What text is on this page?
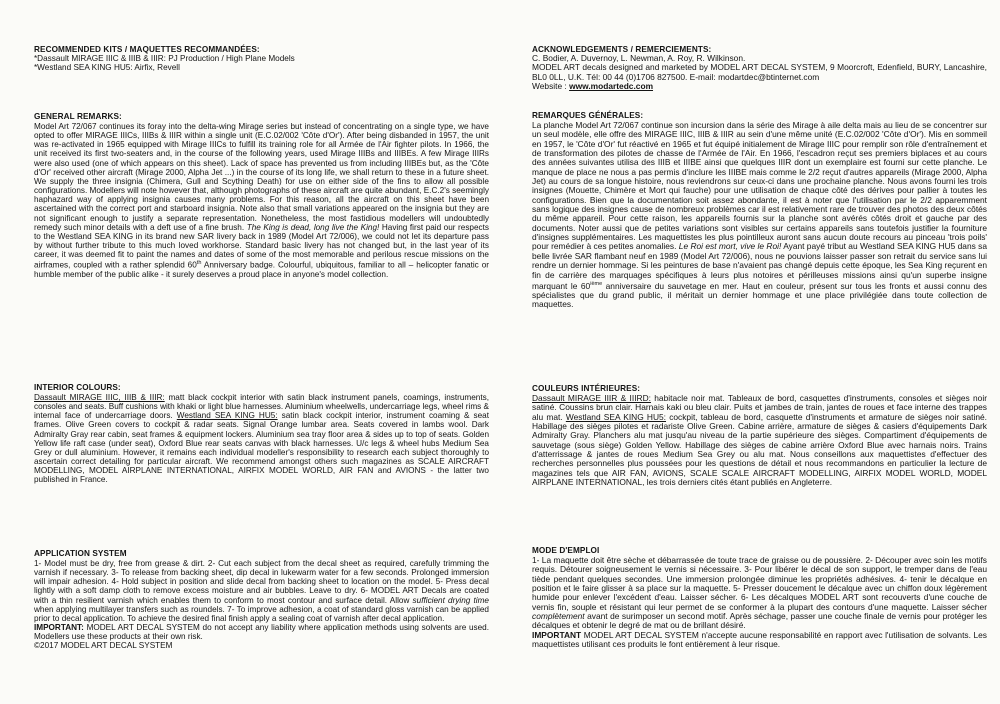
RECOMMENDED KITS / MAQUETTES RECOMMANDÉES:

*Dassault MIRAGE IIIC & IIIB & IIIR: PJ Production / High Plane Models

*Westland SEA KING HU5: Airfix, Revell

GENERAL REMARKS:

Model Art 72/067 continues its foray into the delta-wing Mirage series but instead of concentrating on a single type, we have opted to offer MIRAGE IIICs, IIIBs & IIIR within a single unit (E.C.02/002 'Côte d'Or'). After being disbanded in 1957, the unit was re-activated in 1965 equipped with Mirage IIICs to fulfill its training role for all Armée de l'Air fighter pilots. In 1966, the unit received its first two-seaters and, in the course of the following years, used Mirage IIIBs and IIIBEs. A few Mirage IIIRs were also used (one of which appears on this sheet). Lack of space has prevented us from including IIIBEs but, as the 'Côte d'Or' received other aircraft (Mirage 2000, Alpha Jet ...) in the course of its long life, we shall return to these in a future sheet. We supply the three insignia (Chimera, Gull and Scything Death) for use on either side of the fins to allow all possible configurations. Modellers will note however that, although photographs of these aircraft are quite abundant, E.C.2's seemingly haphazard way of applying insignia causes many problems. For this reason, all the aircraft on this sheet have been ascertained with the correct port and starboard insignia. Note also that small variations appeared on the insignia but they are not significant enough to justify a separate representation. Nonetheless, the most fastidious modellers will undoubtedly remedy such minor details with a deft use of a fine brush. The King is dead, long live the King! Having first paid our respects to the Westland SEA KING in its brand new SAR livery back in 1989 (Model Art 72/006), we could not let its departure pass by without further tribute to this much loved workhorse. Standard basic livery has not changed but, in the last year of its career, it was deemed fit to paint the names and dates of some of the most memorable and perilous rescue missions on the airframes, coupled with a rather splendid 60th Anniversary badge. Colourful, ubiquitous, familiar to all – helicopter fanatic or humble member of the public alike - it surely deserves a proud place in anyone's model collection.

INTERIOR COLOURS:

Dassault MIRAGE IIIC, IIIB & IIIR: matt black cockpit interior with satin black instrument panels, coamings, instruments, consoles and seats. Buff cushions with khaki or light blue harnesses. Aluminium wheelwells, undercarriage legs, wheel rims & internal face of undercarriage doors. Westland SEA KING HU5: satin black cockpit interior, instrument coaming & seat frames. Olive Green covers to cockpit & radar seats. Signal Orange lumbar area. Seats covered in lambs wool. Dark Admiralty Gray rear cabin, seat frames & equipment lockers. Aluminium sea tray floor area & sides up to top of seats. Golden Yellow life raft case (under seat), Oxford Blue rear seats canvas with black harnesses. U/c legs & wheel hubs Medium Sea Grey or dull aluminium. However, it remains each individual modeller's responsibility to research each subject thoroughly to ascertain correct detailing for particular aircraft. We recommend amongst others such magazines as SCALE AIRCRAFT MODELLING, MODEL AIRPLANE INTERNATIONAL, AIRFIX MODEL WORLD, AIR FAN and AVIONS - the latter two published in France.

APPLICATION SYSTEM

1- Model must be dry, free from grease & dirt. 2- Cut each subject from the decal sheet as required, carefully trimming the varnish if necessary. 3- To release from backing sheet, dip decal in lukewarm water for a few seconds. Prolonged immersion will impair adhesion. 4- Hold subject in position and slide decal from backing sheet to location on the model. 5- Press decal lightly with a soft damp cloth to remove excess moisture and air bubbles. Leave to dry. 6- MODEL ART Decals are coated with a thin resilient varnish which enables them to conform to most contour and surface detail. Allow sufficient drying time when applying multilayer transfers such as roundels. 7- To improve adhesion, a coat of standard gloss varnish can be applied prior to decal application. To achieve the desired final finish apply a sealing coat of varnish after decal application.

IMPORTANT: MODEL ART DECAL SYSTEM do not accept any liability where application methods using solvents are used. Modellers use these products at their own risk.

©2017 MODEL ART DECAL SYSTEM

ACKNOWLEDGEMENTS / REMERCIEMENTS:

C. Bodier, A. Duvernoy, L. Newman, A. Roy, R. Wilkinson.

MODEL ART decals designed and marketed by MODEL ART DECAL SYSTEM, 9 Moorcroft, Edenfield, BURY, Lancashire, BL0 0LL, U.K. Tél: 00 44 (0)1706 827500. E-mail: modartdec@btinternet.com

Website : www.modartedc.com

REMARQUES GÉNÉRALES:

La planche Model Art 72/067 continue son incursion dans la série des Mirage à aile delta mais au lieu de se concentrer sur un seul modèle, elle offre des MIRAGE IIIC, IIIB & IIIR au sein d'une même unité (E.C.02/002 'Côte d'Or'). Mis en sommeil en 1957, le 'Côte d'Or' fut réactivé en 1965 et fut équipé initialement de Mirage IIIC pour remplir son rôle d'entraînement et de transformation des pilotes de chasse de l'Armée de l'Air. En 1966, l'escadron reçut ses premiers biplaces et au cours des années suivantes utilisa des IIIB et IIIBE ainsi que quelques IIIR dont un exemplaire est fourni sur cette planche. Le manque de place ne nous a pas permis d'inclure les IIIBE mais comme le 2/2 reçut d'autres appareils (Mirage 2000, Alpha Jet) au cours de sa longue histoire, nous reviendrons sur ceux-ci dans une prochaine planche. Nous avons fourni les trois insignes (Mouette, Chimère et Mort qui fauche) pour une utilisation de chaque côté des dérives pour pallier à toutes les configurations. Bien que la documentation soit assez abondante, il est à noter que l'utilisation par le 2/2 apparemment sans logique des insignes cause de nombreux problèmes car il est relativement rare de trouver des photos des deux côtés du même appareil. Pour cette raison, les appareils fournis sur la planche sont avérés côtés droit et gauche par des documents. Noter aussi que de petites variations sont visibles sur certains appareils sans toutefois justifier la fourniture d'insignes supplémentaires. Les maquettistes les plus pointilleux auront sans aucun doute recours au pinceau 'trois poils' pour remédier à ces petites anomalies. Le Roi est mort, vive le Roi! Ayant payé tribut au Westland SEA KING HU5 dans sa belle livrée SAR flambant neuf en 1989 (Model Art 72/006), nous ne pouvions laisser passer son retrait du service sans lui rendre un dernier hommage. Si les peintures de base n'avaient pas changé depuis cette époque, les Sea King reçurent en fin de carrière des marquages spécifiques à leurs plus notoires et périlleuses missions ainsi qu'un superbe insigne marquant le 60ième anniversaire du sauvetage en mer. Haut en couleur, présent sur tous les fronts et aussi connu des spécialistes que du grand public, il méritait un dernier hommage et une place privilégiée dans toute collection de maquettes.

COULEURS INTÉRIEURES:

Dassault MIRAGE IIIR & IIIRD: habitacle noir mat. Tableaux de bord, casquettes d'instruments, consoles et sièges noir satiné. Coussins brun clair. Harnais kaki ou bleu clair. Puits et jambes de train, jantes de roues et face interne des trappes alu mat. Westland SEA KING HU5: cockpit, tableau de bord, casquette d'instruments et armature de sièges noir satiné. Habillage des sièges pilotes et radariste Olive Green. Cabine arrière, armature de sièges & casiers d'équipements Dark Admiralty Gray. Planchers alu mat jusqu'au niveau de la partie supérieure des sièges. Compartiment d'équipements de sauvetage (sous siège) Golden Yellow. Habillage des sièges de cabine arrière Oxford Blue avec harnais noirs. Trains d'atterrissage & jantes de roues Medium Sea Grey ou alu mat. Nous conseillons aux maquettistes d'effectuer des recherches personnelles plus poussées pour les questions de détail et nous recommandons en particulier la lecture de magazines tels que AIR FAN, AVIONS, SCALE SCALE AIRCRAFT MODELLING, AIRFIX MODEL WORLD, MODEL AIRPLANE INTERNATIONAL, les trois derniers cités étant publiés en Angleterre.

MODE D'EMPLOI

1- La maquette doit être sèche et débarrassée de toute trace de graisse ou de poussière. 2- Découper avec soin les motifs requis. Détourer soigneusement le vernis si nécessaire. 3- Pour libérer le décal de son support, le tremper dans de l'eau tiède pendant quelques secondes. Une immersion prolongée diminue les propriétés adhésives. 4- tenir le décalque en position et le faire glisser à sa place sur la maquette. 5- Presser doucement le décalque avec un chiffon doux légèrement humide pour enlever l'excédent d'eau. Laisser sécher. 6- Les décalques MODEL ART sont recouverts d'une couche de vernis fin, souple et résistant qui leur permet de se conformer à la plupart des contours d'une maquette. Laisser sécher complètement avant de surimposer un second motif. Après séchage, passer une couche finale de vernis pour protéger les décalques et obtenir le degré de mat ou de brillant désiré.

IMPORTANT MODEL ART DECAL SYSTEM n'accepte aucune responsabilité en rapport avec l'utilisation de solvants. Les maquettistes utilisant ces produits le font entièrement à leur risque.
